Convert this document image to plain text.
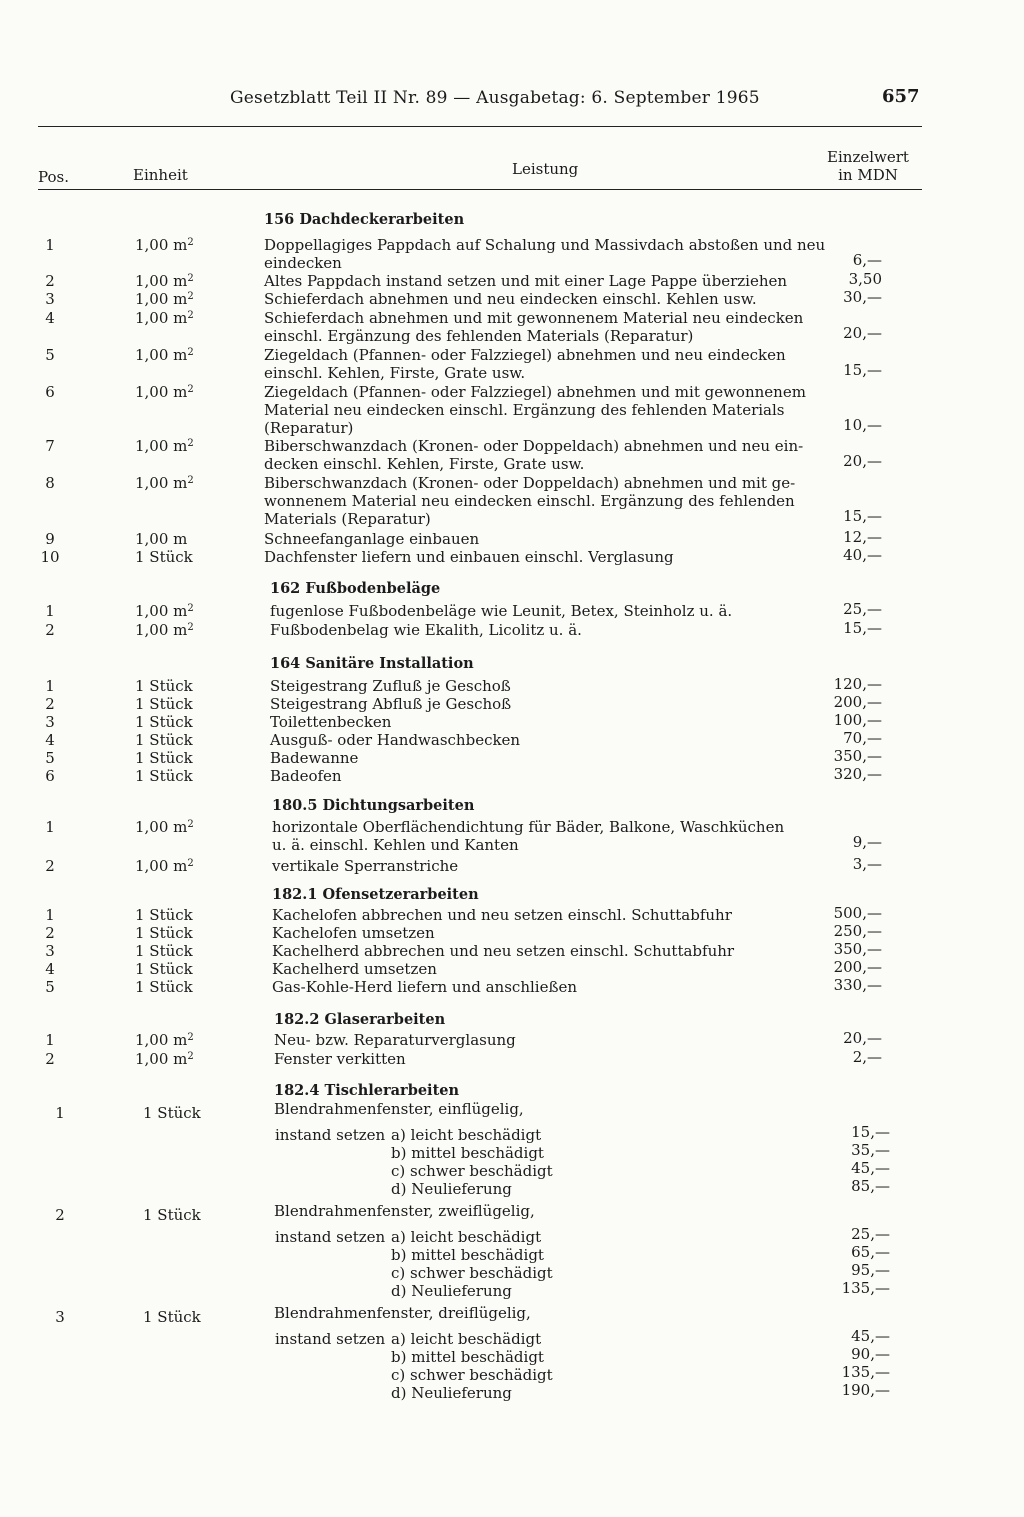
Gesetzblatt Teil II Nr. 89 — Ausgabetag: 6. September 1965	657
Pos.	Einheit	Leistung
Einzelwert
in MDN
156 Dachdeckerarbeiten
1	1,00 $m^2$	Doppellagiges Pappdach auf Schalung und Massivdach abstoßen und neu
eindecken	6,—
2	1,00 $m^2$	Altes Pappdach instand setzen und mit einer Lage Pappe überziehen	3,50
3	1,00 $m^2$	Schieferdach abnehmen und neu eindecken einschl. Kehlen usw.	30,—
4	1,00 $m^2$	Schieferdach abnehmen und mit gewonnenem Material neu eindecken
einschl. Ergänzung des fehlenden Materials (Reparatur)	20,—
5	1,00 $m^2$	Ziegeldach (Pfannen- oder Falzziegel) abnehmen und neu eindecken
einschl. Kehlen, Firste, Grate usw.	15,—
6	1,00 $m^2$	Ziegeldach (Pfannen- oder Falzziegel) abnehmen und mit gewonnenem
Material neu eindecken einschl. Ergänzung des fehlenden Materials
(Reparatur)	10,—
7	1,00 $m^2$	Biberschwanzdach (Kronen- oder Doppeldach) abnehmen und neu ein-
decken einschl. Kehlen, Firste, Grate usw.	20,—
8	1,00 $m^2$	Biberschwanzdach (Kronen- oder Doppeldach) abnehmen und mit ge-
wonnenem Material neu eindecken einschl. Ergänzung des fehlenden
Materials (Reparatur)	15,—
9	1,00 m	Schneefanganlage einbauen	12,—
10	1 Stück	Dachfenster liefern und einbauen einschl. Verglasung	40,—
162 Fußbodenbeläge
1	1,00 $m^2$	fugenlose Fußbodenbeläge wie Leunit, Betex, Steinholz u. ä.	25,—
2	1,00 $m^2$	Fußbodenbelag wie Ekalith, Licolitz u. ä.	15,—
164 Sanitäre Installation
1	1 Stück	Steigestrang Zufluß je Geschoß	120,—
2	1 Stück	Steigestrang Abfluß je Geschoß	200,—
3	1 Stück	Toilettenbecken	100,—
4	1 Stück	Ausguß- oder Handwaschbecken	70,—
5	1 Stück	Badewanne	350,—
6	1 Stück	Badeofen	320,—
180.5 Dichtungsarbeiten
1	1,00 $m^2$	horizontale Oberflächendichtung für Bäder, Balkone, Waschküchen
u. ä. einschl. Kehlen und Kanten	9,—
2	1,00 $m^2$	vertikale Sperranstriche	3,—
182.1 Ofensetzerarbeiten
1	1 Stück	Kachelofen abbrechen und neu setzen einschl. Schuttabfuhr	500,—
2	1 Stück	Kachelofen umsetzen	250,—
3	1 Stück	Kachelherd abbrechen und neu setzen einschl. Schuttabfuhr	350,—
4	1 Stück	Kachelherd umsetzen	200,—
5	1 Stück	Gas-Kohle-Herd liefern und anschließen	330,—
182.2 Glaserarbeiten
1	1,00 $m^2$	Neu- bzw. Reparaturverglasung	20,—
2	1,00 $m^2$	Fenster verkitten	2,—
182.4 Tischlerarbeiten
1	1 Stück	Blendrahmenfenster, einflügelig,
instand setzen a) leicht beschädigt	15,—
b) mittel beschädigt	35,—
c) schwer beschädigt	45,—
d) Neulieferung	85,—
2	1 Stück	Blendrahmenfenster, zweiflügelig,
instand setzen a) leicht beschädigt	25,—
b) mittel beschädigt	65,—
c) schwer beschädigt	95,—
d) Neulieferung	135,—
3	1 Stück	Blendrahmenfenster, dreiflügelig,
instand setzen a) leicht beschädigt	45,—
b) mittel beschädigt	90,—
c) schwer beschädigt	135,—
d) Neulieferung	190,—
